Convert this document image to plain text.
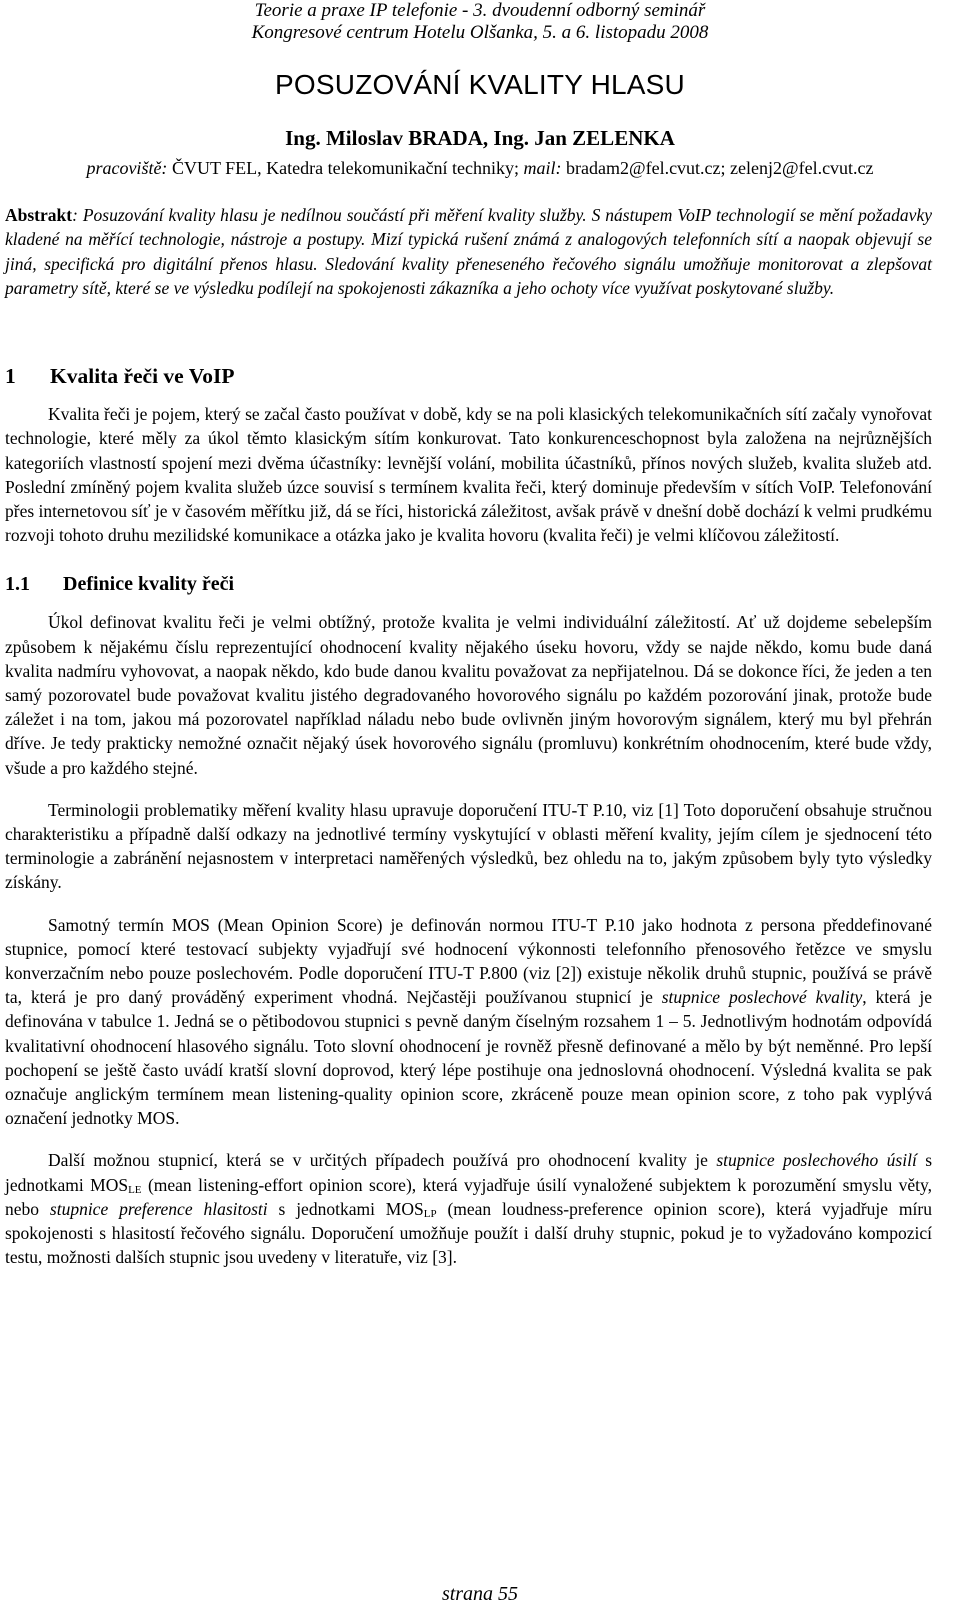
Teorie a praxe IP telefonie - 3. dvoudenní odborný seminář
Kongresové centrum Hotelu Olšanka, 5. a 6. listopadu 2008
POSUZOVÁNÍ KVALITY HLASU
Ing. Miloslav BRADA, Ing. Jan ZELENKA
pracoviště: ČVUT FEL, Katedra telekomunikační techniky; mail: bradam2@fel.cvut.cz; zelenj2@fel.cvut.cz
Abstrakt: Posuzování kvality hlasu je nedílnou součástí při měření kvality služby. S nástupem VoIP technologií se mění požadavky kladené na měřící technologie, nástroje a postupy. Mizí typická rušení známá z analogových telefonních sítí a naopak objevují se jiná, specifická pro digitální přenos hlasu. Sledování kvality přeneseného řečového signálu umožňuje monitorovat a zlepšovat parametry sítě, které se ve výsledku podílejí na spokojenosti zákazníka a jeho ochoty více využívat poskytované služby.
1	Kvalita řeči ve VoIP

Kvalita řeči je pojem, který se začal často používat v době, kdy se na poli klasických telekomunikačních sítí začaly vynořovat technologie, které měly za úkol těmto klasickým sítím konkurovat. Tato konkurenceschopnost byla založena na nejrůznějších kategoriích vlastností spojení mezi dvěma účastníky: levnější volání, mobilita účastníků, přínos nových služeb, kvalita služeb atd. Poslední zmíněný pojem kvalita služeb úzce souvisí s termínem kvalita řeči, který dominuje především v sítích VoIP. Telefonování přes internetovou síť je v časovém měřítku již, dá se říci, historická záležitost, avšak právě v dnešní době dochází k velmi prudkému rozvoji tohoto druhu mezilidské komunikace a otázka jako je kvalita hovoru (kvalita řeči) je velmi klíčovou záležitostí.

1.1	Definice kvality řeči

Úkol definovat kvalitu řeči je velmi obtížný, protože kvalita je velmi individuální záležitostí. Ať už dojdeme sebelepším způsobem k nějakému číslu reprezentující ohodnocení kvality nějakého úseku hovoru, vždy se najde někdo, komu bude daná kvalita nadmíru vyhovovat, a naopak někdo, kdo bude danou kvalitu považovat za nepřijatelnou. Dá se dokonce říci, že jeden a ten samý pozorovatel bude považovat kvalitu jistého degradovaného hovorového signálu po každém pozorování jinak, protože bude záležet i na tom, jakou má pozorovatel například náladu nebo bude ovlivněn jiným hovorovým signálem, který mu byl přehrán dříve. Je tedy prakticky nemožné označit nějaký úsek hovorového signálu (promluvu) konkrétním ohodnocením, které bude vždy, všude a pro každého stejné.

Terminologii problematiky měření kvality hlasu upravuje doporučení ITU-T P.10, viz [1] Toto doporučení obsahuje stručnou charakteristiku a případně další odkazy na jednotlivé termíny vyskytující v oblasti měření kvality, jejím cílem je sjednocení této terminologie a zabránění nejasnostem v interpretaci naměřených výsledků, bez ohledu na to, jakým způsobem byly tyto výsledky získány.

Samotný termín MOS (Mean Opinion Score) je definován normou ITU-T P.10 jako hodnota z persona předdefinované stupnice, pomocí které testovací subjekty vyjadřují své hodnocení výkonnosti telefonního přenosového řetězce ve smyslu konverzačním nebo pouze poslechovém. Podle doporučení ITU-T P.800 (viz [2]) existuje několik druhů stupnic, používá se právě ta, která je pro daný prováděný experiment vhodná. Nejčastěji používanou stupnicí je stupnice poslechové kvality, která je definována v tabulce 1. Jedná se o pětibodovou stupnici s pevně daným číselným rozsahem 1 – 5. Jednotlivým hodnotám odpovídá kvalitativní ohodnocení hlasového signálu. Toto slovní ohodnocení je rovněž přesně definované a mělo by být neměnné. Pro lepší pochopení se ještě často uvádí kratší slovní doprovod, který lépe postihuje ona jednoslovná ohodnocení. Výsledná kvalita se pak označuje anglickým termínem mean listening-quality opinion score, zkráceně pouze mean opinion score, z toho pak vyplývá označení jednotky MOS.

Další možnou stupnicí, která se v určitých případech používá pro ohodnocení kvality je stupnice poslechového úsilí s jednotkami $MOS_{LE}$ (mean listening-effort opinion score), která vyjadřuje úsilí vynaložené subjektem k porozumění smyslu věty, nebo stupnice preference hlasitosti s jednotkami $MOS_{LP}$ (mean loudness-preference opinion score), která vyjadřuje míru spokojenosti s hlasitostí řečového signálu. Doporučení umožňuje použít i další druhy stupnic, pokud je to vyžadováno kompozicí testu, možnosti dalších stupnic jsou uvedeny v literatuře, viz [3].

strana 55
